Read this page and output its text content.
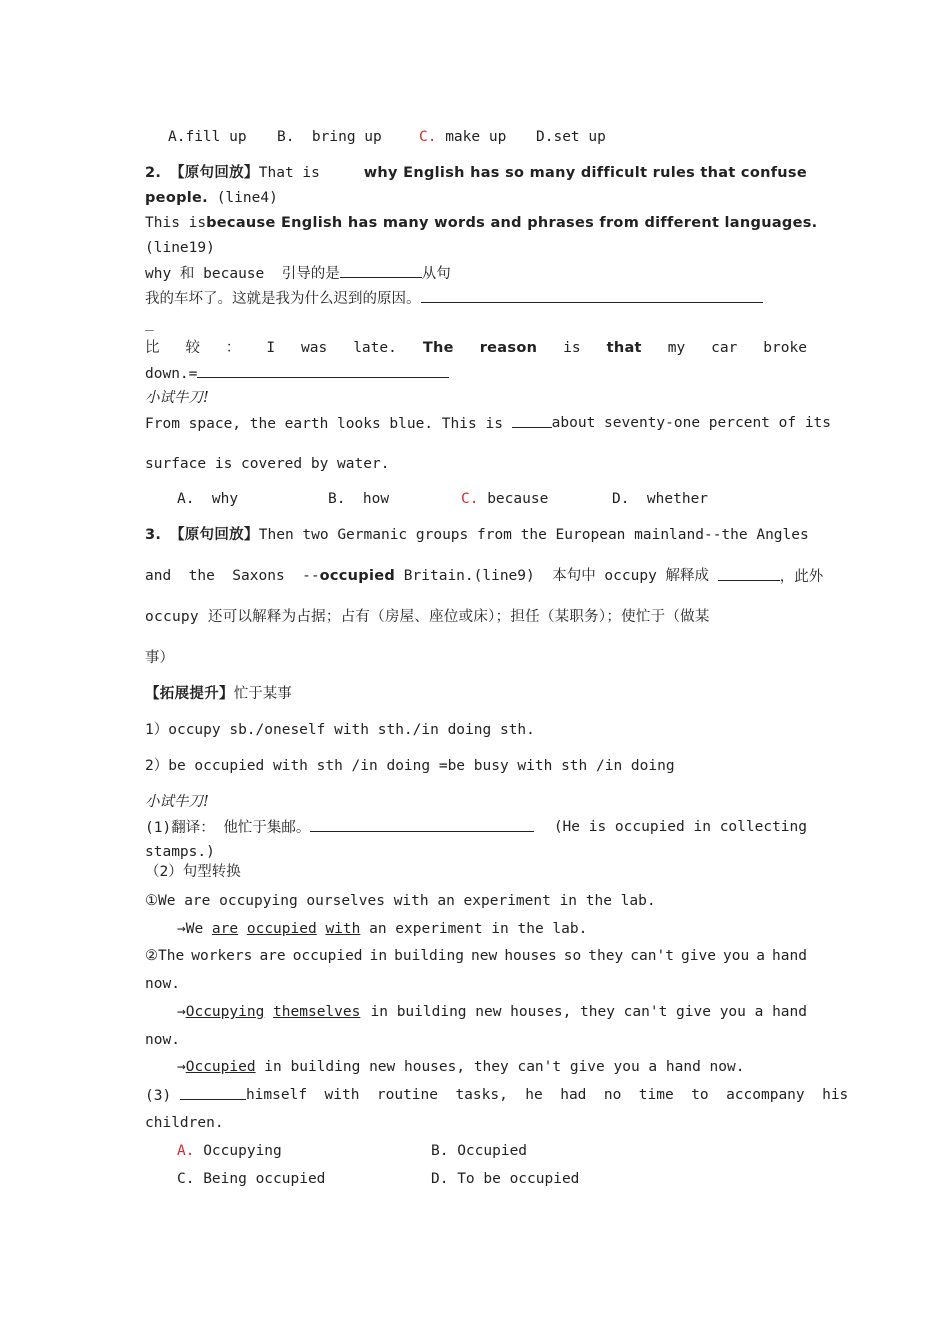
A.fill up B.  bring up	C. make up D.set up
2. 【原句回放】That is	why English has so many difficult rules that confuse
people. (line4)
This is because English has many words and phrases from different languages.
(line19)
why 和 because  引导的是	从句
我的车坏了。这就是我为什么迟到的原因。
_
比 较 ： I was late. The reason is that my car broke
down.=
小试牛刀!
From space, the earth looks blue. This is	about seventy-one percent of its
surface is covered by water.
A.  why	B.  how	C. because	D.  whether
3. 【原句回放】 Then two Germanic groups from the European mainland--the Angles
and  the  Saxons  --occupied Britain.(line9)  本句中 occupy 解释成	，此外
occupy 还可以解释为占据；占有（房屋、座位或床）；担任（某职务）；使忙于（做某
事）
【拓展提升】忙于某事
1）occupy sb./oneself with sth./in doing sth.
2）be occupied with sth /in doing =be busy with sth /in doing
小试牛刀!
(1)翻译： 他忙于集邮。	(He is occupied in collecting
stamps.)
（2）句型转换
①We are occupying ourselves with an experiment in the lab.
→We are occupied with an experiment in the lab.
②The workers are occupied in building new houses so they can't give you a hand
now.
→Occupying themselves in building new houses, they can't give you a hand
now.
→Occupied in building new houses, they can't give you a hand now.
(3)	himself  with  routine  tasks,  he  had  no  time  to  accompany  his
children.
A. Occupying	B. Occupied
C. Being occupied	D. To be occupied
